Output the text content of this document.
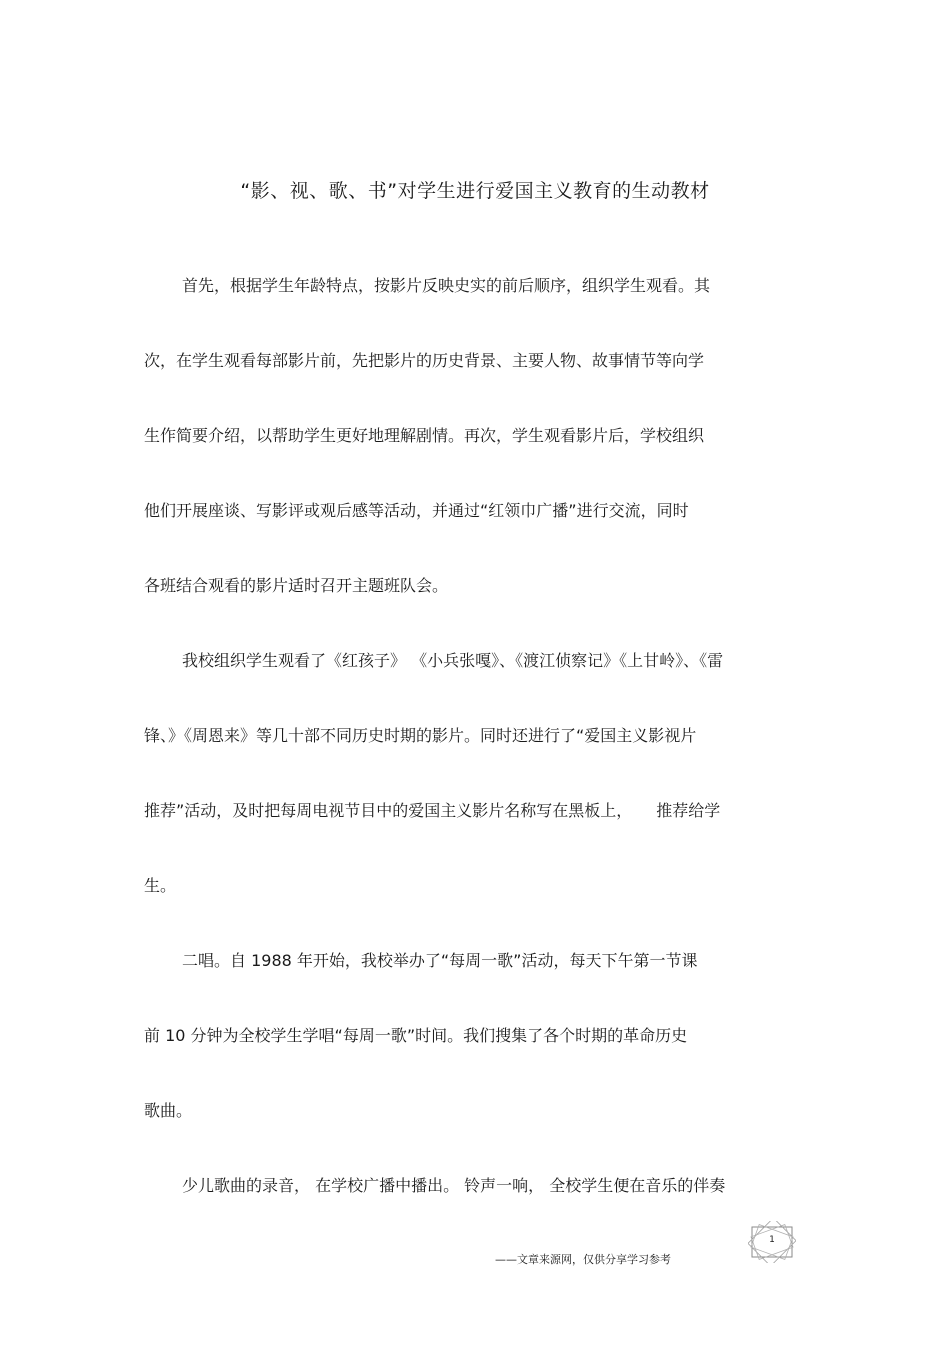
“影、视、歌、书”对学生进行爱国主义教育的生动教材
首先，根据学生年龄特点，按影片反映史实的前后顺序，组织学生观看。其
次，在学生观看每部影片前，先把影片的历史背景、主要人物、故事情节等向学
生作简要介绍，以帮助学生更好地理解剧情。再次，学生观看影片后，学校组织
他们开展座谈、写影评或观后感等活动，并通过“红领巾广播”进行交流，同时
各班结合观看的影片适时召开主题班队会。
我校组织学生观看了《红孩子》 《小兵张嘎》、《渡江侦察记》《上甘岭》、《雷
锋、》《周恩来》等几十部不同历史时期的影片。同时还进行了“爱国主义影视片
推荐”活动，及时把每周电视节目中的爱国主义影片名称写在黑板上，　　推荐给学
生。
二唱。自 1988 年开始，我校举办了“每周一歌”活动，每天下午第一节课
前 10 分钟为全校学生学唱“每周一歌”时间。我们搜集了各个时期的革命历史
歌曲。
少儿歌曲的录音， 在学校广播中播出。 铃声一响， 全校学生便在音乐的伴奏
1
——文章来源网，仅供分享学习参考
